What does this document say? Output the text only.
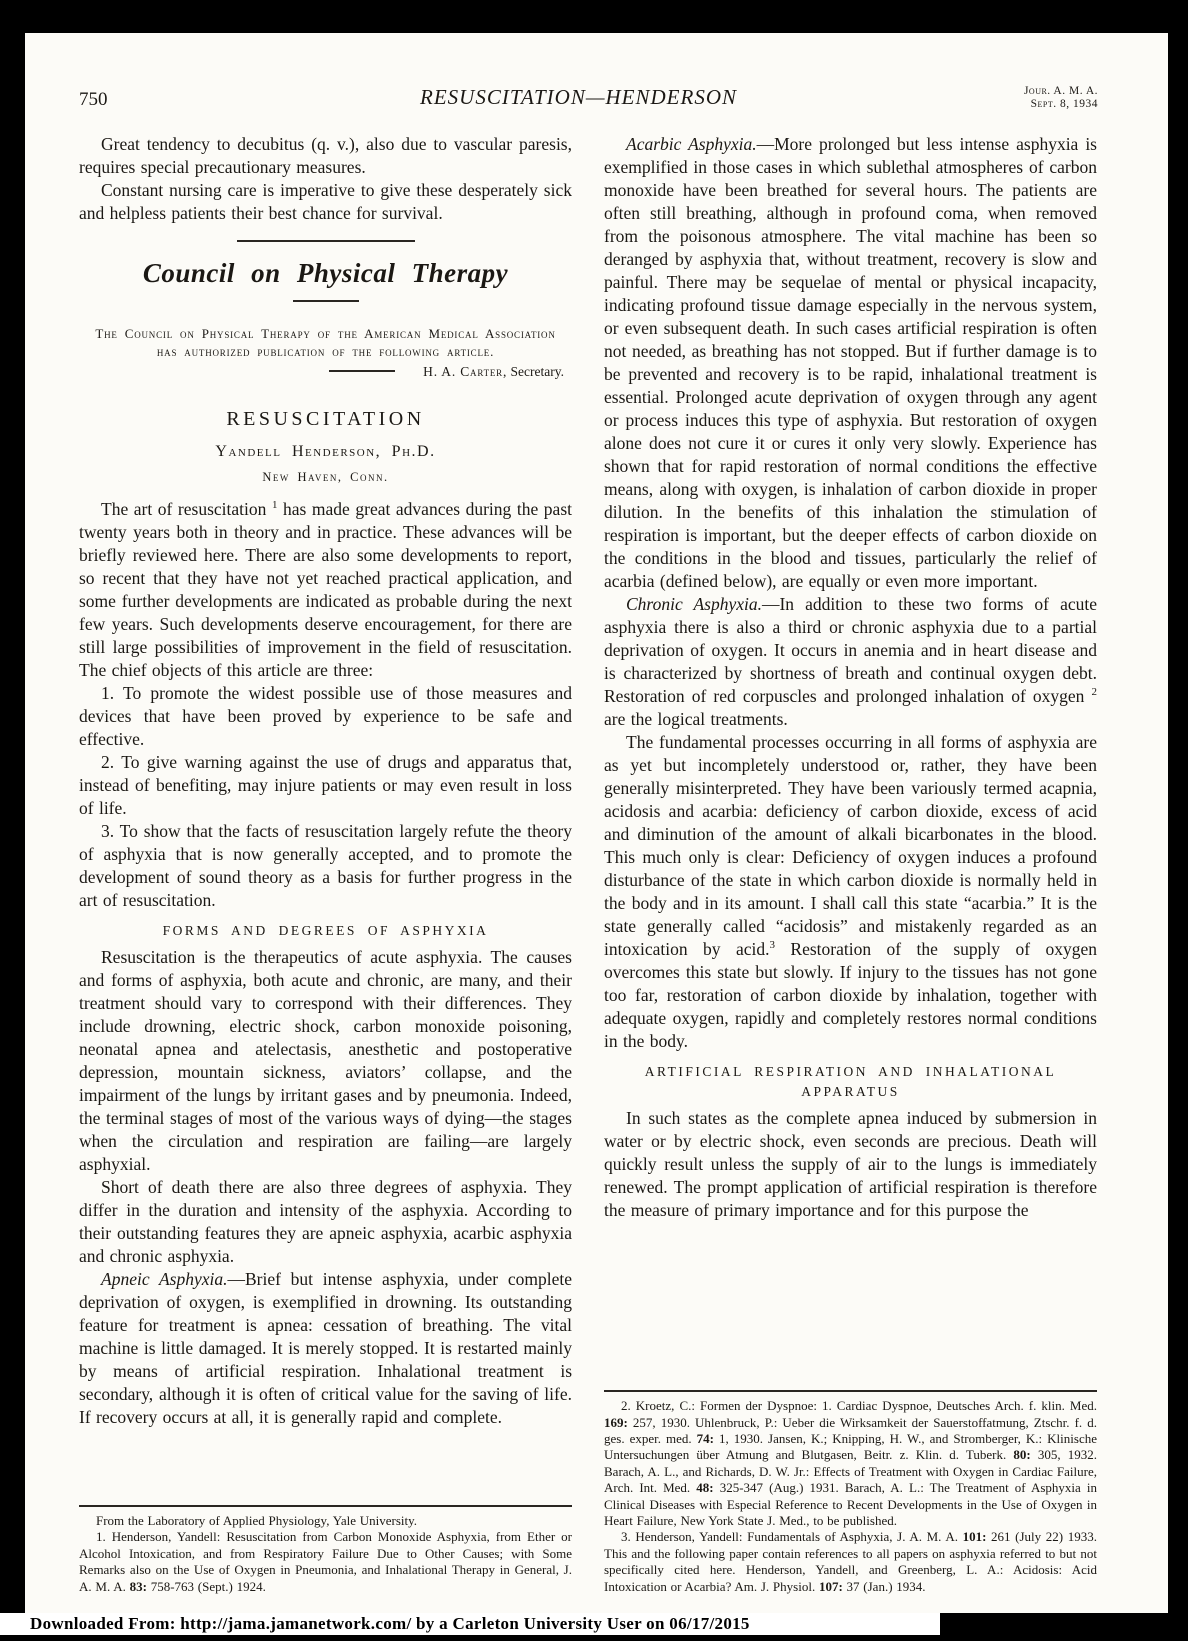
750	RESUSCITATION—HENDERSON	Jour. A. M. A.
Sept. 8, 1934

Great tendency to decubitus (q. v.), also due to vascular paresis, requires special precautionary measures.

Constant nursing care is imperative to give these desperately sick and helpless patients their best chance for survival.

Council on Physical Therapy
The Council on Physical Therapy of the American Medical Association has authorized publication of the following article.
H. A. Carter, Secretary.
RESUSCITATION
Yandell Henderson, Ph.D.
New Haven, Conn.

The art of resuscitation $^1$ has made great advances during the past twenty years both in theory and in practice. These advances will be briefly reviewed here. There are also some developments to report, so recent that they have not yet reached practical application, and some further developments are indicated as probable during the next few years. Such developments deserve encouragement, for there are still large possibilities of improvement in the field of resuscitation. The chief objects of this article are three:

1. To promote the widest possible use of those measures and devices that have been proved by experience to be safe and effective.

2. To give warning against the use of drugs and apparatus that, instead of benefiting, may injure patients or may even result in loss of life.

3. To show that the facts of resuscitation largely refute the theory of asphyxia that is now generally accepted, and to promote the development of sound theory as a basis for further progress in the art of resuscitation.

FORMS AND DEGREES OF ASPHYXIA

Resuscitation is the therapeutics of acute asphyxia. The causes and forms of asphyxia, both acute and chronic, are many, and their treatment should vary to correspond with their differences. They include drowning, electric shock, carbon monoxide poisoning, neonatal apnea and atelectasis, anesthetic and postoperative depression, mountain sickness, aviators’ collapse, and the impairment of the lungs by irritant gases and by pneumonia. Indeed, the terminal stages of most of the various ways of dying—the stages when the circulation and respiration are failing—are largely asphyxial.

Short of death there are also three degrees of asphyxia. They differ in the duration and intensity of the asphyxia. According to their outstanding features they are apneic asphyxia, acarbic asphyxia and chronic asphyxia.

Apneic Asphyxia.—Brief but intense asphyxia, under complete deprivation of oxygen, is exemplified in drowning. Its outstanding feature for treatment is apnea: cessation of breathing. The vital machine is little damaged. It is merely stopped. It is restarted mainly by means of artificial respiration. Inhalational treatment is secondary, although it is often of critical value for the saving of life. If recovery occurs at all, it is generally rapid and complete.

From the Laboratory of Applied Physiology, Yale University.

1. Henderson, Yandell: Resuscitation from Carbon Monoxide Asphyxia, from Ether or Alcohol Intoxication, and from Respiratory Failure Due to Other Causes; with Some Remarks also on the Use of Oxygen in Pneumonia, and Inhalational Therapy in General, J. A. M. A. 83: 758-763 (Sept.) 1924.

Acarbic Asphyxia.—More prolonged but less intense asphyxia is exemplified in those cases in which sublethal atmospheres of carbon monoxide have been breathed for several hours. The patients are often still breathing, although in profound coma, when removed from the poisonous atmosphere. The vital machine has been so deranged by asphyxia that, without treatment, recovery is slow and painful. There may be sequelae of mental or physical incapacity, indicating profound tissue damage especially in the nervous system, or even subsequent death. In such cases artificial respiration is often not needed, as breathing has not stopped. But if further damage is to be prevented and recovery is to be rapid, inhalational treatment is essential. Prolonged acute deprivation of oxygen through any agent or process induces this type of asphyxia. But restoration of oxygen alone does not cure it or cures it only very slowly. Experience has shown that for rapid restoration of normal conditions the effective means, along with oxygen, is inhalation of carbon dioxide in proper dilution. In the benefits of this inhalation the stimulation of respiration is important, but the deeper effects of carbon dioxide on the conditions in the blood and tissues, particularly the relief of acarbia (defined below), are equally or even more important.

Chronic Asphyxia.—In addition to these two forms of acute asphyxia there is also a third or chronic asphyxia due to a partial deprivation of oxygen. It occurs in anemia and in heart disease and is characterized by shortness of breath and continual oxygen debt. Restoration of red corpuscles and prolonged inhalation of oxygen $^2$ are the logical treatments.

The fundamental processes occurring in all forms of asphyxia are as yet but incompletely understood or, rather, they have been generally misinterpreted. They have been variously termed acapnia, acidosis and acarbia: deficiency of carbon dioxide, excess of acid and diminution of the amount of alkali bicarbonates in the blood. This much only is clear: Deficiency of oxygen induces a profound disturbance of the state in which carbon dioxide is normally held in the body and in its amount. I shall call this state “acarbia.” It is the state generally called “acidosis” and mistakenly regarded as an intoxication by acid.$^3$ Restoration of the supply of oxygen overcomes this state but slowly. If injury to the tissues has not gone too far, restoration of carbon dioxide by inhalation, together with adequate oxygen, rapidly and completely restores normal conditions in the body.

ARTIFICIAL RESPIRATION AND INHALATIONAL
APPARATUS

In such states as the complete apnea induced by submersion in water or by electric shock, even seconds are precious. Death will quickly result unless the supply of air to the lungs is immediately renewed. The prompt application of artificial respiration is therefore the measure of primary importance and for this purpose the

2. Kroetz, C.: Formen der Dyspnoe: 1. Cardiac Dyspnoe, Deutsches Arch. f. klin. Med. 169: 257, 1930. Uhlenbruck, P.: Ueber die Wirksamkeit der Sauerstoffatmung, Ztschr. f. d. ges. exper. med. 74: 1, 1930. Jansen, K.; Knipping, H. W., and Stromberger, K.: Klinische Untersuchungen über Atmung and Blutgasen, Beitr. z. Klin. d. Tuberk. 80: 305, 1932. Barach, A. L., and Richards, D. W. Jr.: Effects of Treatment with Oxygen in Cardiac Failure, Arch. Int. Med. 48: 325-347 (Aug.) 1931. Barach, A. L.: The Treatment of Asphyxia in Clinical Diseases with Especial Reference to Recent Developments in the Use of Oxygen in Heart Failure, New York State J. Med., to be published.

3. Henderson, Yandell: Fundamentals of Asphyxia, J. A. M. A. 101: 261 (July 22) 1933. This and the following paper contain references to all papers on asphyxia referred to but not specifically cited here. Henderson, Yandell, and Greenberg, L. A.: Acidosis: Acid Intoxication or Acarbia? Am. J. Physiol. 107: 37 (Jan.) 1934.

Downloaded From: http://jama.jamanetwork.com/ by a Carleton University User on 06/17/2015
